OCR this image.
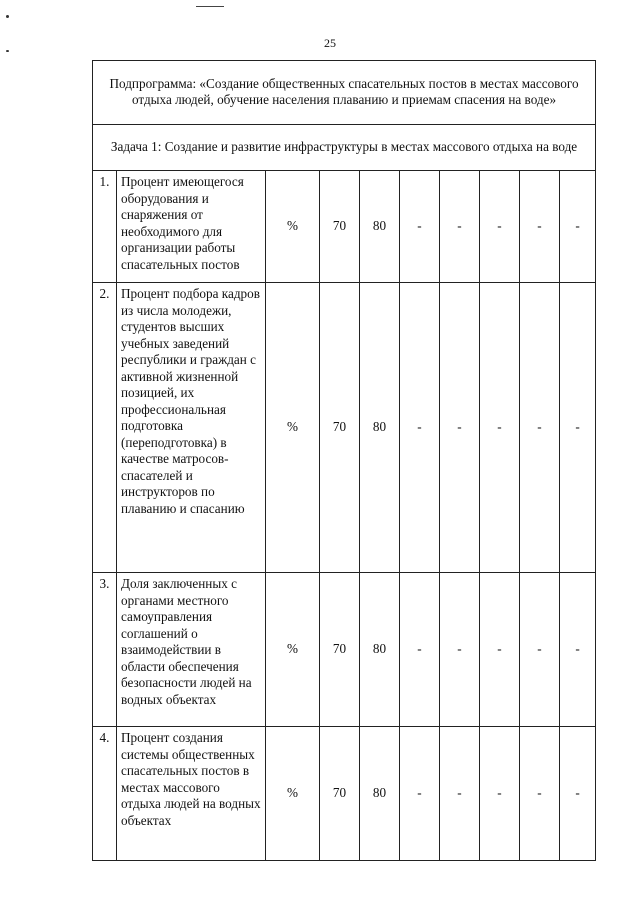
25
Подпрограмма: «Создание общественных спасательных постов в местах массового отдыха людей, обучение населения плаванию и приемам спасения на воде»									
Задача 1: Создание и развитие инфраструктуры в местах массового отдыха на воде									
1.	Процент имеющегося оборудования и снаряжения от необходимого для организации работы спасательных постов	%	70	80	-	-	-	-	-
2.	Процент подбора кадров из числа молодежи, студентов высших учебных заведений республики и граждан с активной жизненной позицией, их профессиональная подготовка (переподготовка) в качестве матросов-спасателей и инструкторов по плаванию и спасанию	%	70	80	-	-	-	-	-
3.	Доля заключенных с органами местного самоуправления соглашений о взаимодействии в области обеспечения безопасности людей на водных объектах	%	70	80	-	-	-	-	-
4.	Процент создания системы общественных спасательных постов в местах массового отдыха людей на водных объектах	%	70	80	-	-	-	-	-
